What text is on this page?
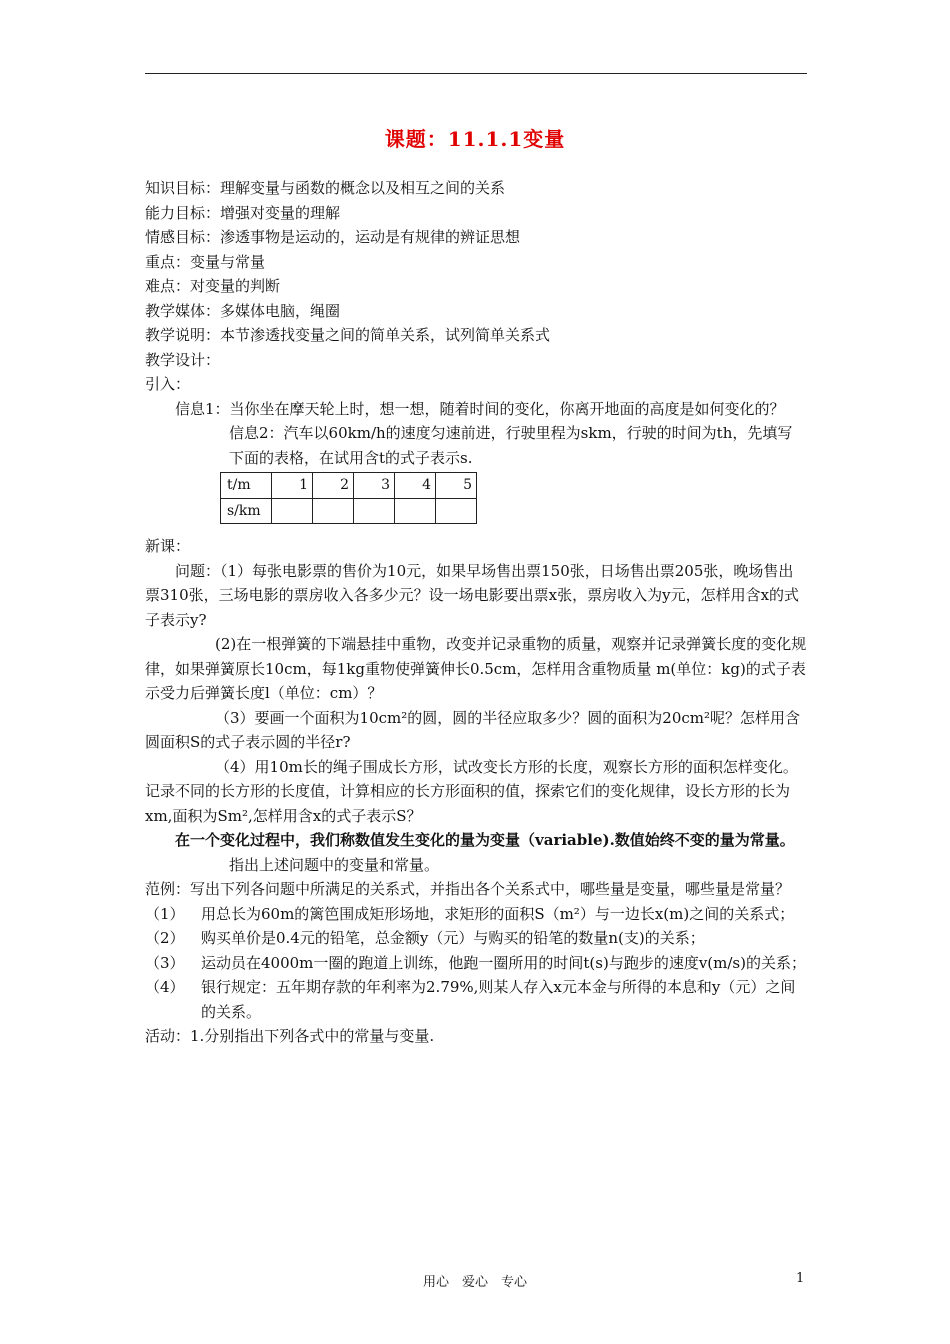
课题：11.1.1变量
知识目标：理解变量与函数的概念以及相互之间的关系
能力目标：增强对变量的理解
情感目标：渗透事物是运动的，运动是有规律的辨证思想
重点：变量与常量
难点：对变量的判断
教学媒体：多媒体电脑，绳圈
教学说明：本节渗透找变量之间的简单关系，试列简单关系式
教学设计：
引入：
信息1：当你坐在摩天轮上时，想一想，随着时间的变化，你离开地面的高度是如何变化的？
信息2：汽车以60km/h的速度匀速前进，行驶里程为skm，行驶的时间为th，先填写下面的表格，在试用含t的式子表示s.
t/m	1	2	3	4	5
s/km					
新课：
问题：（1）每张电影票的售价为10元，如果早场售出票150张，日场售出票205张，晚场售出票310张，三场电影的票房收入各多少元？设一场电影要出票x张，票房收入为y元，怎样用含x的式子表示y?
(2)在一根弹簧的下端悬挂中重物，改变并记录重物的质量，观察并记录弹簧长度的变化规律，如果弹簧原长10cm，每1kg重物使弹簧伸长0.5cm，怎样用含重物质量 m(单位：kg)的式子表示受力后弹簧长度l（单位：cm）？
（3）要画一个面积为10cm²的圆，圆的半径应取多少？圆的面积为20cm²呢？怎样用含圆面积S的式子表示圆的半径r?
（4）用10m长的绳子围成长方形，试改变长方形的长度，观察长方形的面积怎样变化。记录不同的长方形的长度值，计算相应的长方形面积的值，探索它们的变化规律，设长方形的长为xm,面积为Sm²,怎样用含x的式子表示S？
在一个变化过程中，我们称数值发生变化的量为变量（variable).数值始终不变的量为常量。
指出上述问题中的变量和常量。
范例：写出下列各问题中所满足的关系式，并指出各个关系式中，哪些量是变量，哪些量是常量？
（1）	用总长为60m的篱笆围成矩形场地，求矩形的面积S（m²）与一边长x(m)之间的关系式；
（2）	购买单价是0.4元的铅笔，总金额y（元）与购买的铅笔的数量n(支)的关系；
（3）	运动员在4000m一圈的跑道上训练，他跑一圈所用的时间t(s)与跑步的速度v(m/s)的关系；
（4）	银行规定：五年期存款的年利率为2.79%,则某人存入x元本金与所得的本息和y（元）之间的关系。
活动：1.分别指出下列各式中的常量与变量.
用心　爱心　专心	1
